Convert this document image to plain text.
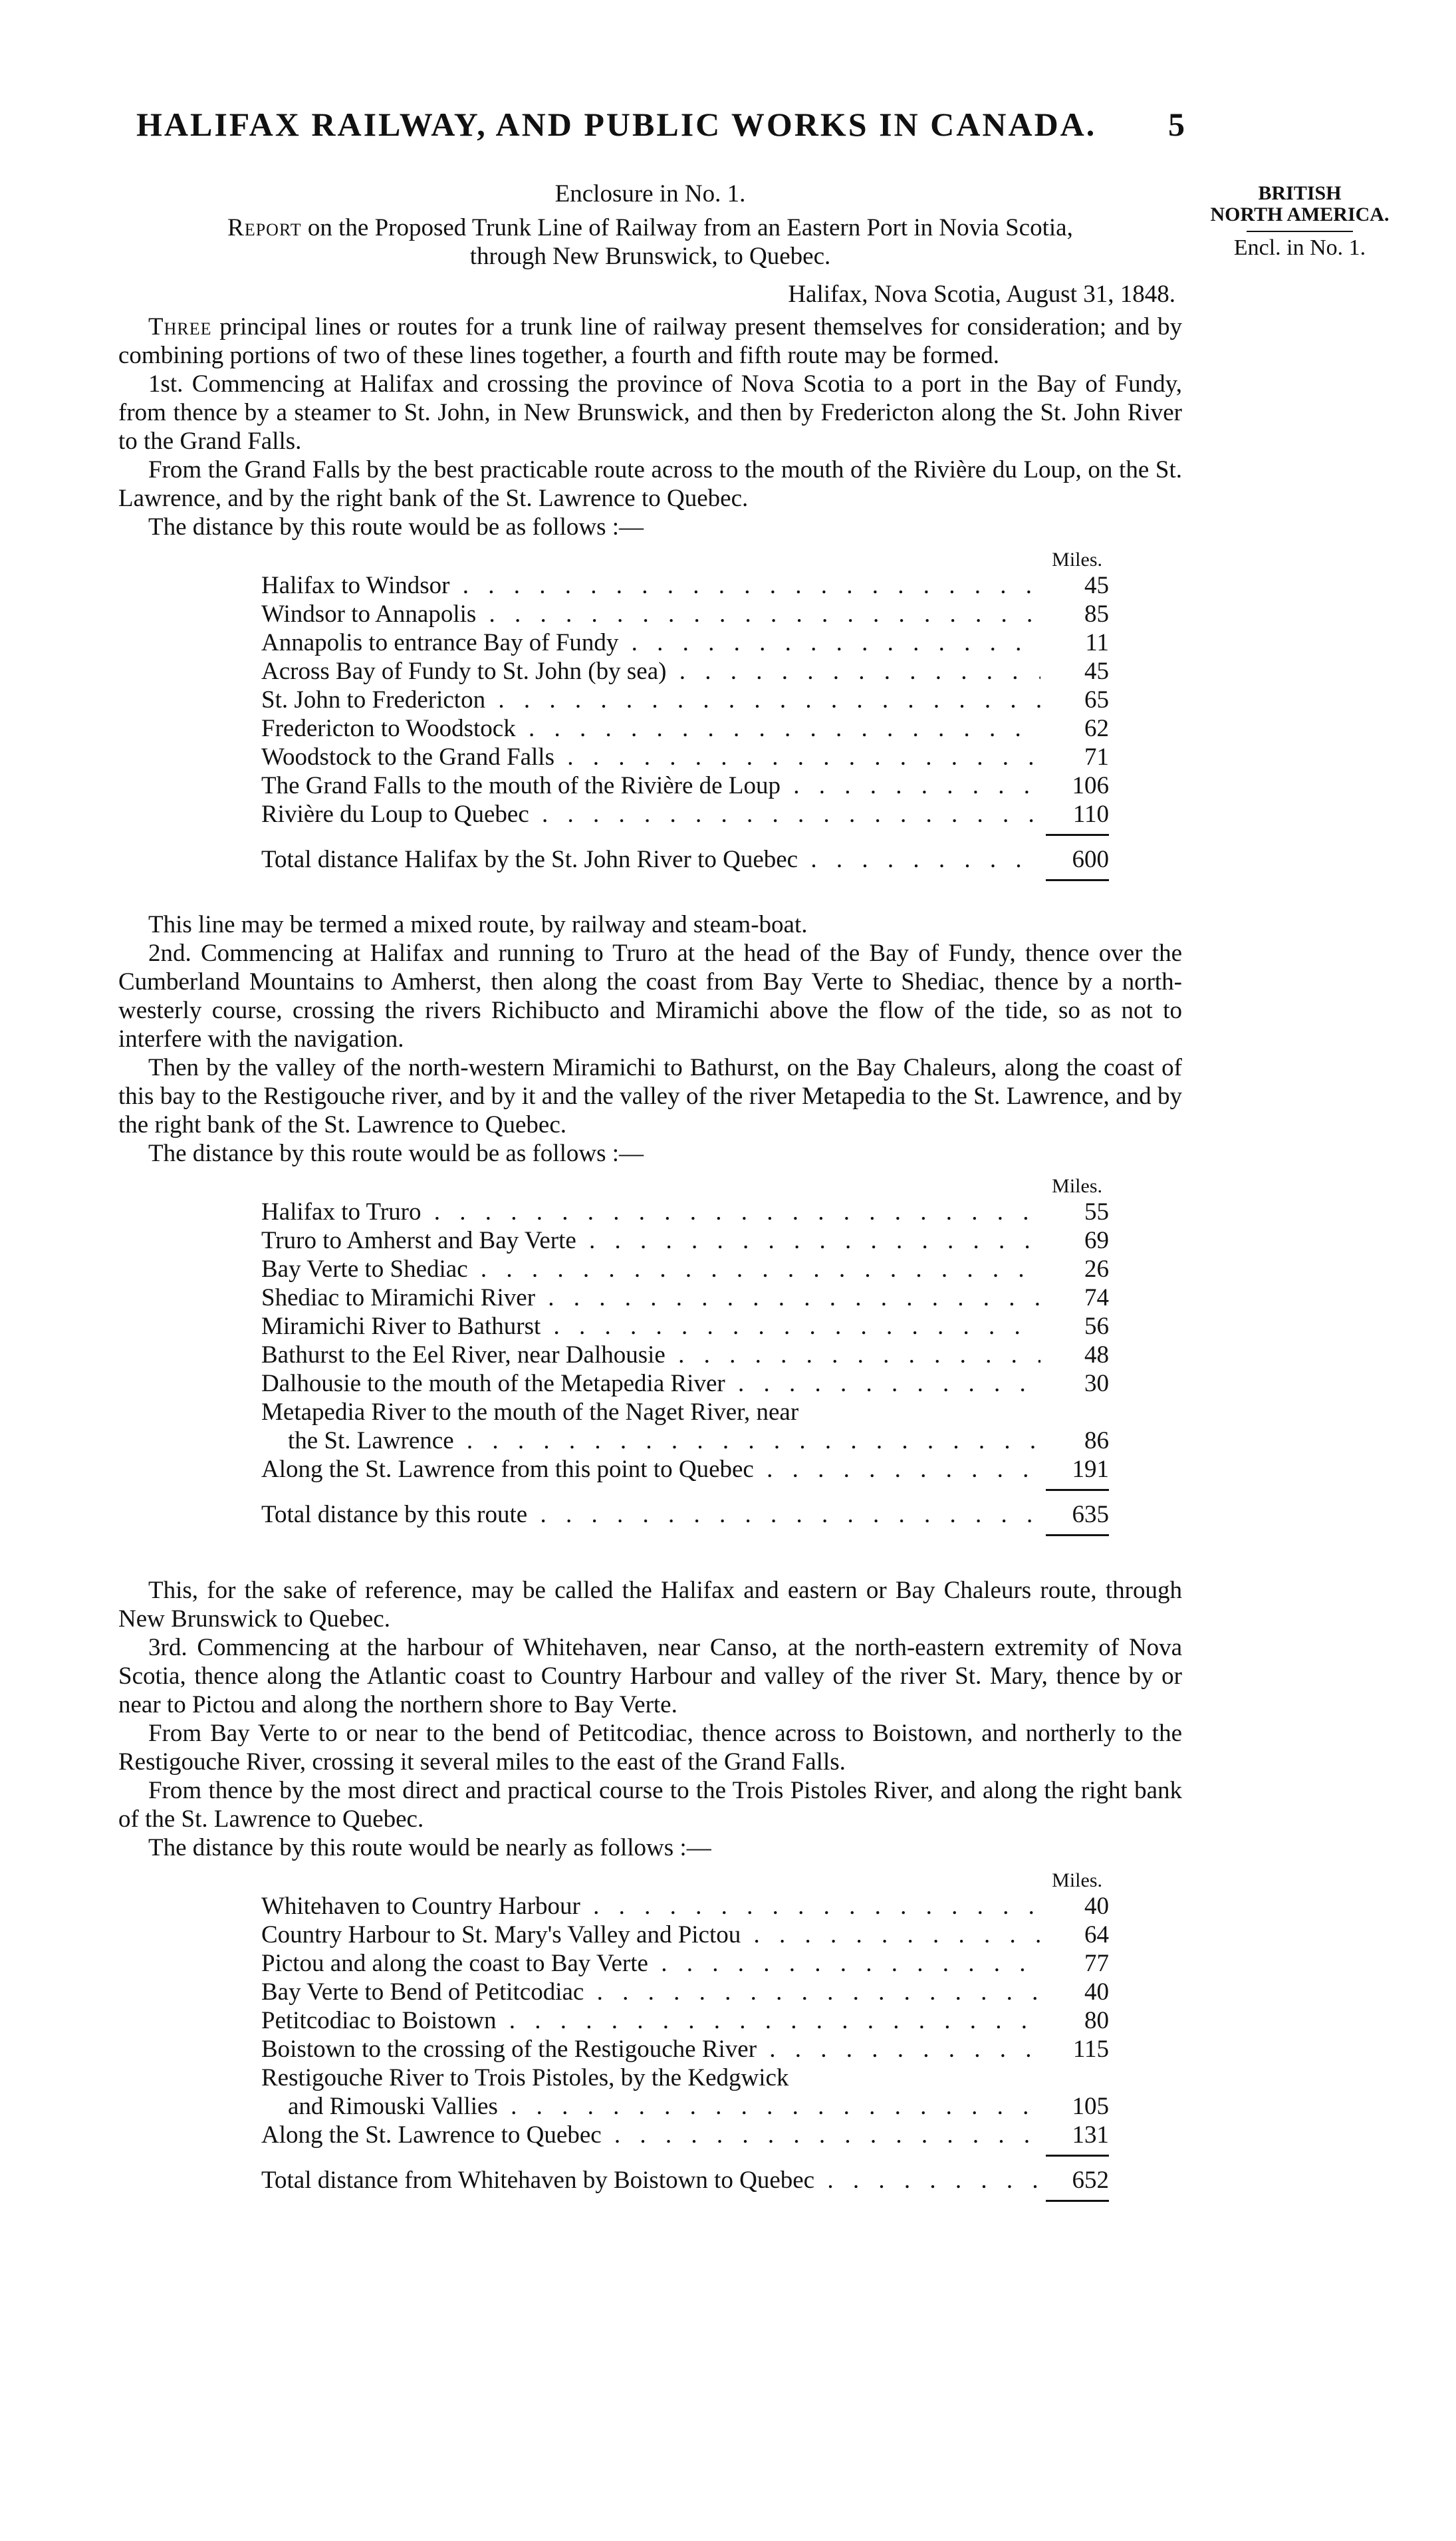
HALIFAX RAILWAY, AND PUBLIC WORKS IN CANADA. 5
BRITISH
NORTH AMERICA.
Encl. in No. 1.
Enclosure in No. 1.
Report on the Proposed Trunk Line of Railway from an Eastern Port in Novia Scotia,
through New Brunswick, to Quebec.
Halifax, Nova Scotia, August 31, 1848.

Three principal lines or routes for a trunk line of railway present themselves for consideration; and by combining portions of two of these lines together, a fourth and fifth route may be formed.

1st. Commencing at Halifax and crossing the province of Nova Scotia to a port in the Bay of Fundy, from thence by a steamer to St. John, in New Brunswick, and then by Fredericton along the St. John River to the Grand Falls.

From the Grand Falls by the best practicable route across to the mouth of the Rivière du Loup, on the St. Lawrence, and by the right bank of the St. Lawrence to Quebec.

The distance by this route would be as follows :—

Miles.
Halifax to Windsor . . .	45
Windsor to Annapolis . . .	85
Annapolis to entrance Bay of Fundy . . .	11
Across Bay of Fundy to St. John (by sea) . . .	45
St. John to Fredericton . . .	65
Fredericton to Woodstock . . .	62
Woodstock to the Grand Falls . . .	71
The Grand Falls to the mouth of the Rivière de Loup . . .	106
Rivière du Loup to Quebec . . .	110
Total distance Halifax by the St. John River to Quebec . . .	600

This line may be termed a mixed route, by railway and steam-boat.

2nd. Commencing at Halifax and running to Truro at the head of the Bay of Fundy, thence over the Cumberland Mountains to Amherst, then along the coast from Bay Verte to Shediac, thence by a north-westerly course, crossing the rivers Richibucto and Miramichi above the flow of the tide, so as not to interfere with the navigation.

Then by the valley of the north-western Miramichi to Bathurst, on the Bay Chaleurs, along the coast of this bay to the Restigouche river, and by it and the valley of the river Metapedia to the St. Lawrence, and by the right bank of the St. Lawrence to Quebec.

The distance by this route would be as follows :—

Miles.
Halifax to Truro . . .	55
Truro to Amherst and Bay Verte . . .	69
Bay Verte to Shediac . . .	26
Shediac to Miramichi River . . .	74
Miramichi River to Bathurst . . .	56
Bathurst to the Eel River, near Dalhousie . . .	48
Dalhousie to the mouth of the Metapedia River . . .	30
Metapedia River to the mouth of the Naget River, near
the St. Lawrence . . .	86
Along the St. Lawrence from this point to Quebec . . .	191
Total distance by this route . . .	635

This, for the sake of reference, may be called the Halifax and eastern or Bay Chaleurs route, through New Brunswick to Quebec.

3rd. Commencing at the harbour of Whitehaven, near Canso, at the north-eastern extremity of Nova Scotia, thence along the Atlantic coast to Country Harbour and valley of the river St. Mary, thence by or near to Pictou and along the northern shore to Bay Verte.

From Bay Verte to or near to the bend of Petitcodiac, thence across to Boistown, and northerly to the Restigouche River, crossing it several miles to the east of the Grand Falls.

From thence by the most direct and practical course to the Trois Pistoles River, and along the right bank of the St. Lawrence to Quebec.

The distance by this route would be nearly as follows :—

Miles.
Whitehaven to Country Harbour . . .	40
Country Harbour to St. Mary's Valley and Pictou . . .	64
Pictou and along the coast to Bay Verte . . .	77
Bay Verte to Bend of Petitcodiac . . .	40
Petitcodiac to Boistown . . .	80
Boistown to the crossing of the Restigouche River . . .	115
Restigouche River to Trois Pistoles, by the Kedgwick
and Rimouski Vallies . . .	105
Along the St. Lawrence to Quebec . . .	131
Total distance from Whitehaven by Boistown to Quebec . . .	652
